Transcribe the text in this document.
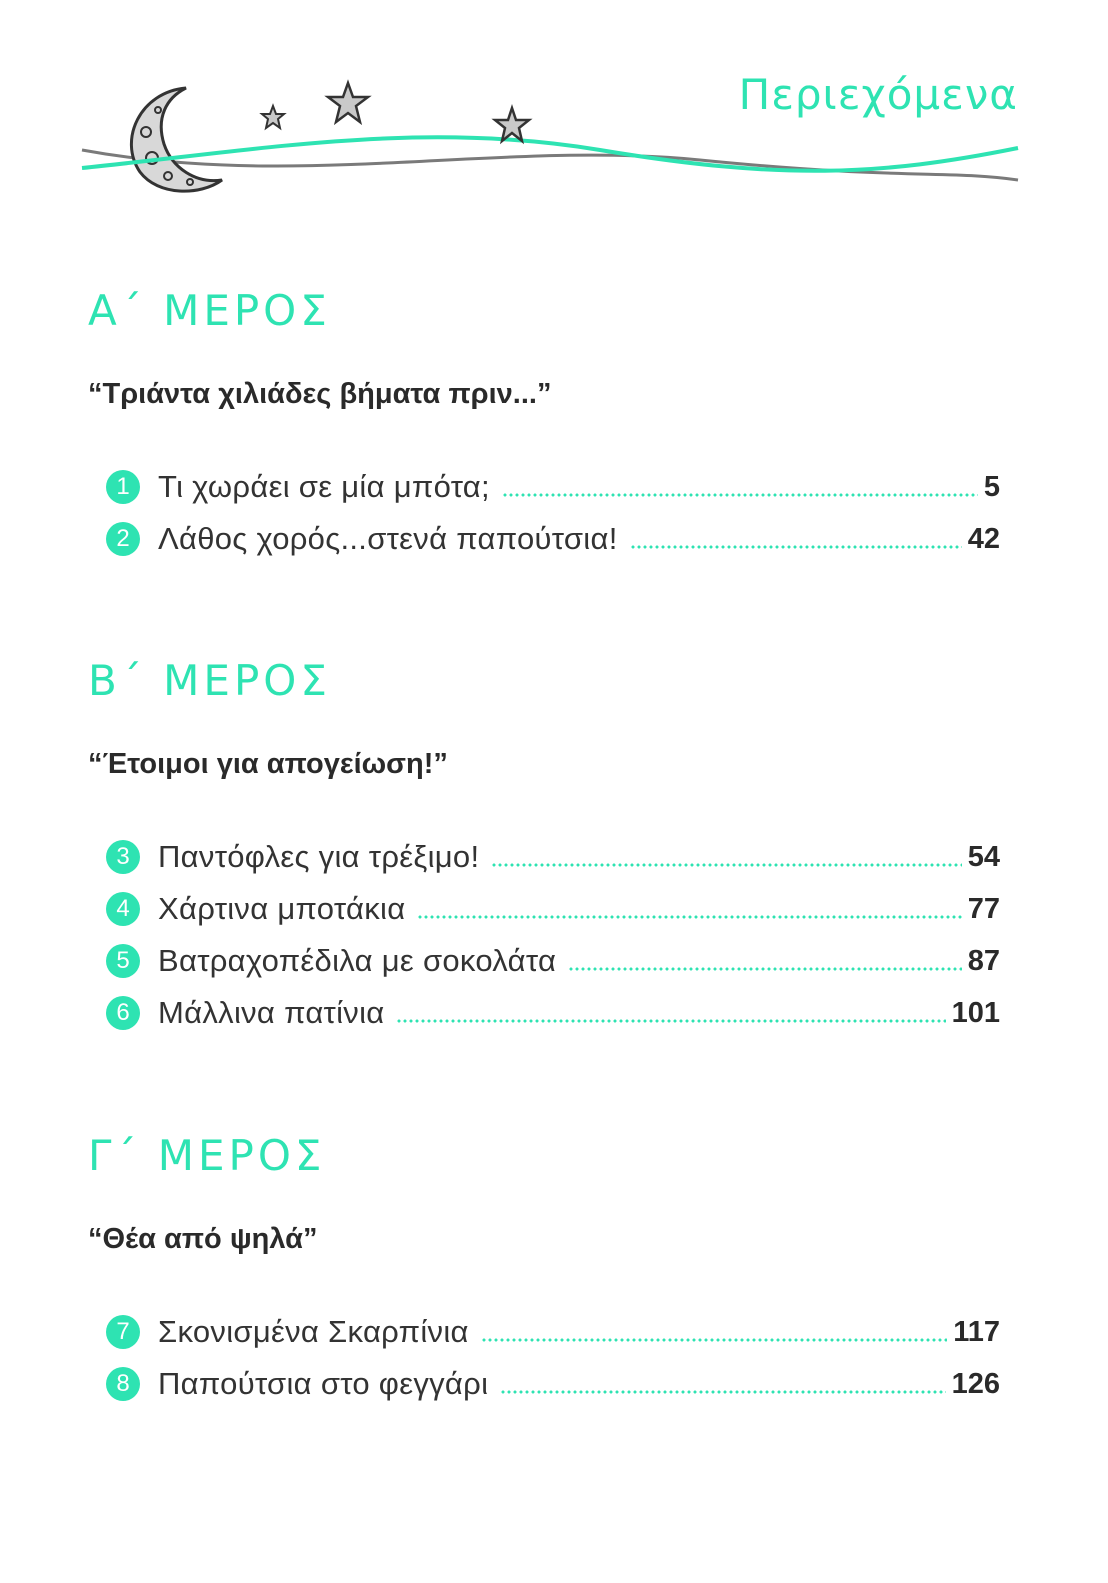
Περιεχόμενα
Α΄ ΜΕΡΟΣ
“Τριάντα χιλιάδες βήματα πριν...”
1 Τι χωράει σε μία μπότα;	5
2 Λάθος χορός...στενά παπούτσια!	42
Β΄ ΜΕΡΟΣ
“Έτοιμοι για απογείωση!”
3 Παντόφλες για τρέξιμο!	54
4 Χάρτινα μποτάκια	77
5 Βατραχοπέδιλα με σοκολάτα	87
6 Μάλλινα πατίνια	101
Γ΄ ΜΕΡΟΣ
“Θέα από ψηλά”
7 Σκονισμένα Σκαρπίνια	117
8 Παπούτσια στο φεγγάρι	126
